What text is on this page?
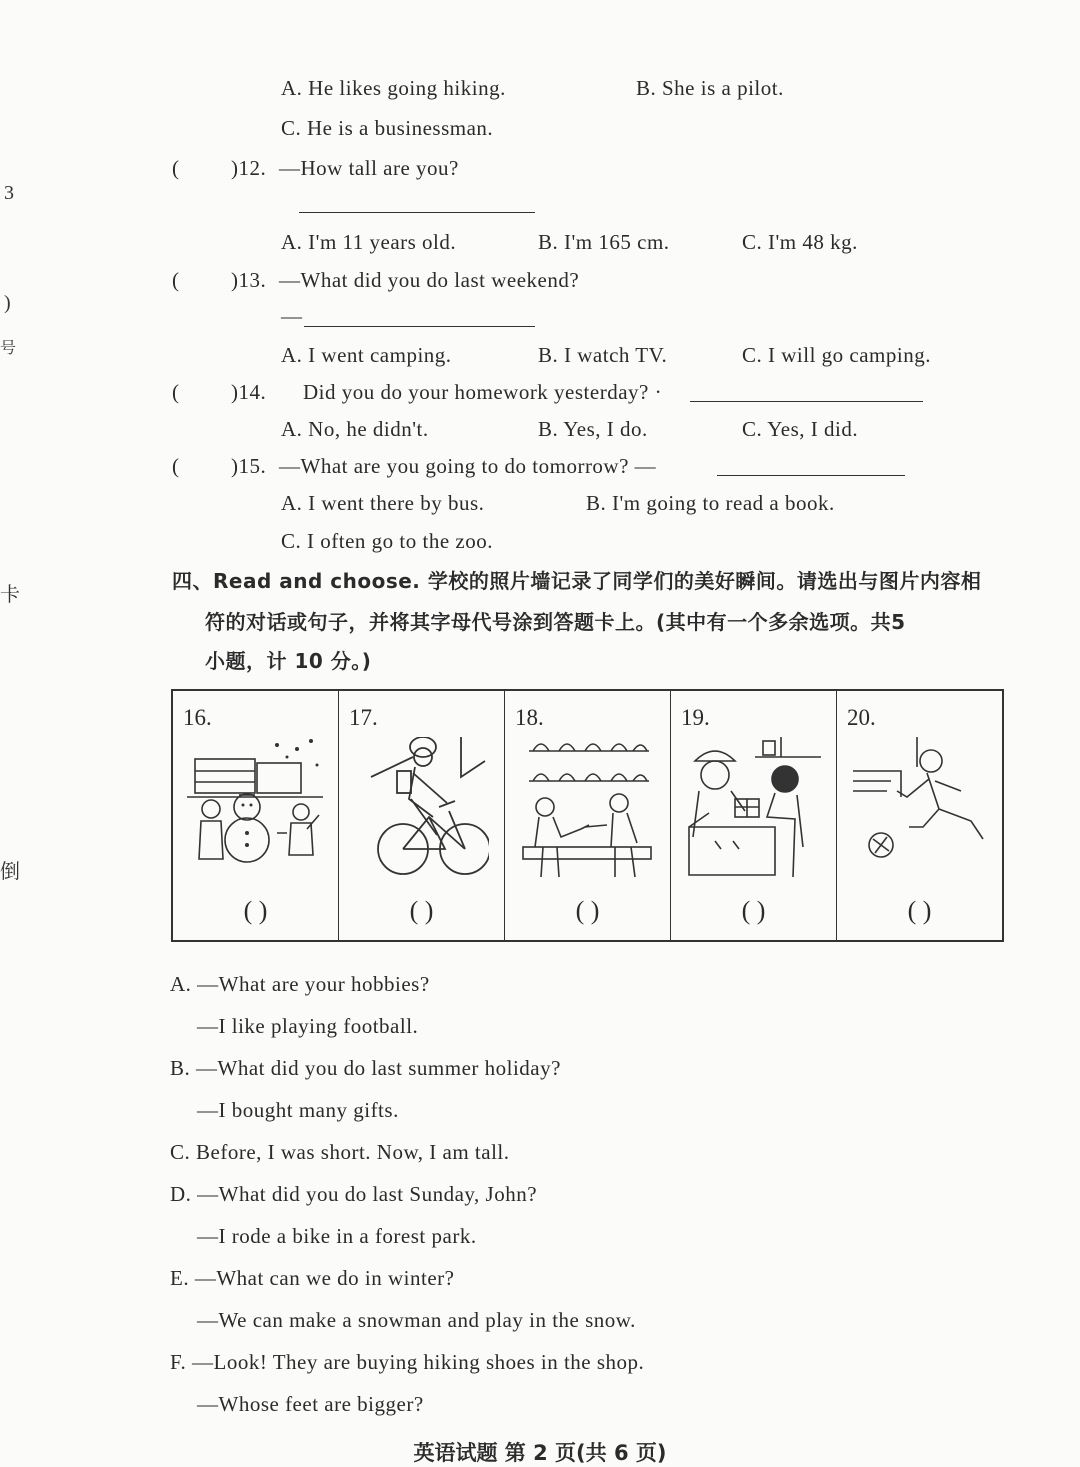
3
)
号
卡
倒
A. He likes going hiking.	B. She is a pilot.
C. He is a businessman.
( )12. —How tall are you?
A. I'm 11 years old.	B. I'm 165 cm.	C. I'm 48 kg.
( )13. —What did you do last weekend?
—
A. I went camping.	B. I watch TV.	C. I will go camping.
( )14. Did you do your homework yesterday? ·
A. No, he didn't.	B. Yes, I do.	C. Yes, I did.
( )15. —What are you going to do tomorrow? —
A. I went there by bus.	B. I'm going to read a book.
C. I often go to the zoo.
四、Read and choose. 学校的照片墙记录了同学们的美好瞬间。请选出与图片内容相
符的对话或句子，并将其字母代号涂到答题卡上。(其中有一个多余选项。共5
小题，计 10 分。)
16.
( )
17.
( )
18.
( )
19.
( )
20.
( )
A. —What are your hobbies?
—I like playing football.
B. —What did you do last summer holiday?
—I bought many gifts.
C. Before, I was short. Now, I am tall.
D. —What did you do last Sunday, John?
—I rode a bike in a forest park.
E. —What can we do in winter?
—We can make a snowman and play in the snow.
F. —Look! They are buying hiking shoes in the shop.
—Whose feet are bigger?
英语试题 第 2 页(共 6 页)
